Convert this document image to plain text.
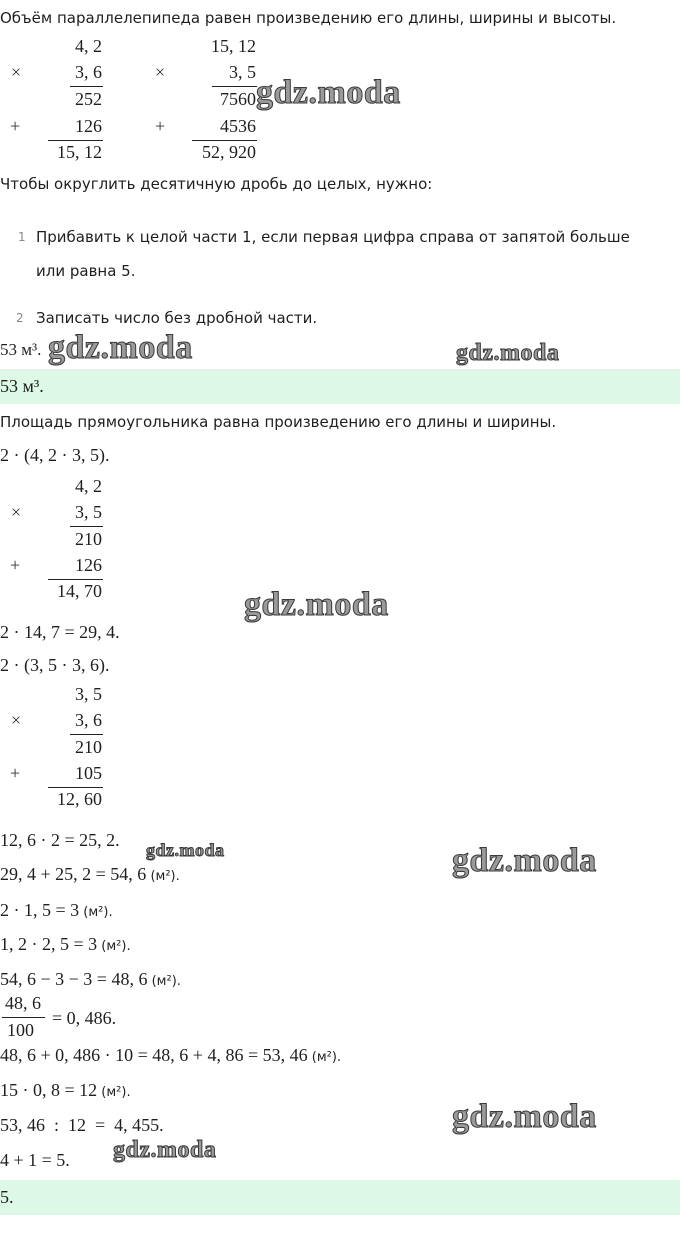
Объём параллелепипеда равен произведению его длины, ширины и высоты.
4, 2
×	3, 6
252
+	126
15, 12
15, 12
×	3, 5
7560
+	4536
52, 920
gdz.moda
Чтобы округлить десятичную дробь до целых, нужно:
1 Прибавить к целой части 1, если первая цифра справа от запятой больше
или равна 5.
2 Записать число без дробной части.
53 м³. gdz.moda	gdz.moda
53 м³.
Площадь прямоугольника равна произведению его длины и ширины.
2 · (4, 2 · 3, 5).
4, 2
×	3, 5
210
+	126
14, 70	gdz.moda
2 · 14, 7 = 29, 4.
2 · (3, 5 · 3, 6).
3, 5
×	3, 6
210
+	105
12, 60
12, 6 · 2 = 25, 2. gdz.moda
29, 4 + 25, 2 = 54, 6 (м²).	gdz.moda
2 · 1, 5 = 3 (м²).
1, 2 · 2, 5 = 3 (м²).
54, 6 − 3 − 3 = 48, 6 (м²).
48, 6
100
= 0, 486.
48, 6 + 0, 486 · 10 = 48, 6 + 4, 86 = 53, 46 (м²).
15 · 0, 8 = 12 (м²).
53, 46  :  12  =  4, 455.	gdz.moda
4 + 1 = 5. gdz.moda
5.
